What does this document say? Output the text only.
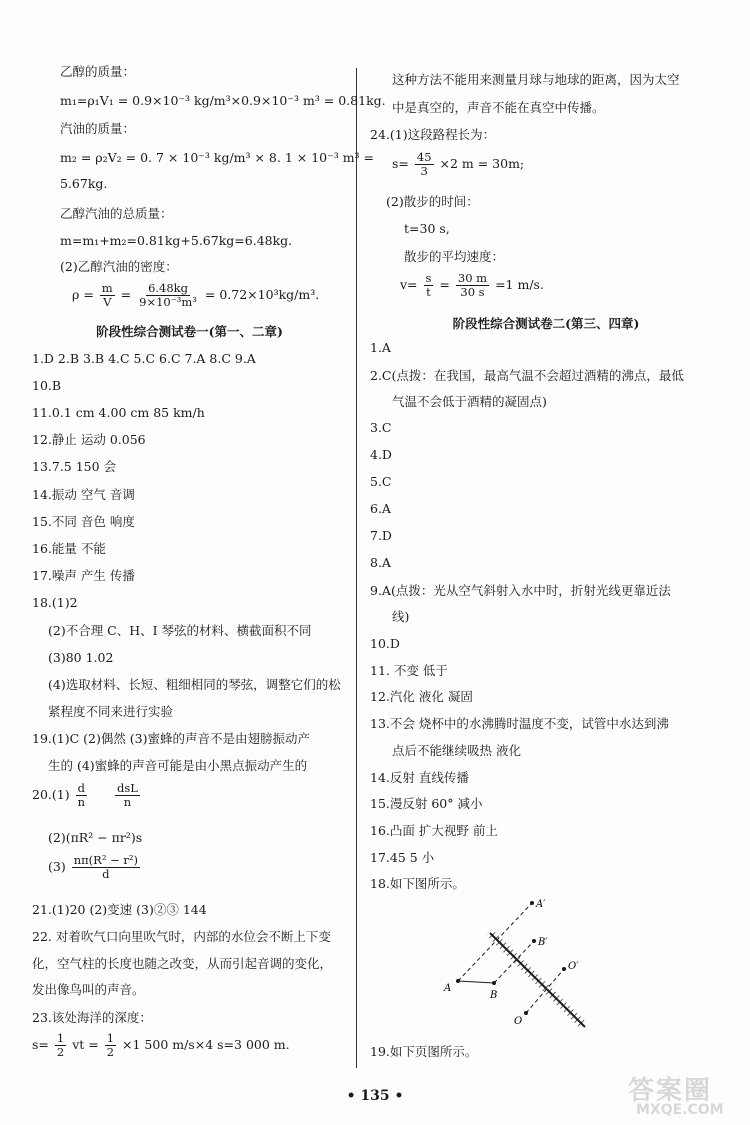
乙醇的质量：
m₁=ρ₁V₁ = 0.9×10⁻³ kg/m³×0.9×10⁻³ m³ = 0.81kg.
汽油的质量：
m₂ = ρ₂V₂ = 0. 7 × 10⁻³ kg/m³ × 8. 1 × 10⁻³ m³ =
5.67kg.
乙醇汽油的总质量：
m=m₁+m₂=0.81kg+5.67kg=6.48kg.
(2)乙醇汽油的密度：
$\rho = \frac{m}{V} = \frac{6.48kg}{\text{9×10⁻³m³}} = 0.72\times 10^3kg/m^3$.
阶段性综合测试卷一(第一、二章)
1.D 2.B 3.B 4.C 5.C 6.C 7.A 8.C 9.A
10.B
11.0.1 cm 4.00 cm 85 km/h
12.静止 运动 0.056
13.7.5 150 会
14.振动 空气 音调
15.不同 音色 响度
16.能量 不能
17.噪声 产生 传播
18.(1)2
(2)不合理 C、H、I 琴弦的材料、横截面积不同
(3)80 1.02
(4)选取材料、长短、粗细相同的琴弦，调整它们的松
紧程度不同来进行实验
19.(1)C (2)偶然 (3)蜜蜂的声音不是由翅膀振动产
生的 (4)蜜蜂的声音可能是由小黑点振动产生的
$20.(1) \frac{d}{n}$
$\frac{\text{dsL}}{n}$
(2)(πR² − πr²)s
$(3) \frac{\text{nπ(R² − r²)}}{d}$
21.(1)20 (2)变速 (3)②③ 144
22. 对着吹气口向里吹气时，内部的水位会不断上下变
化，空气柱的长度也随之改变，从而引起音调的变化，
发出像鸟叫的声音。
23.该处海洋的深度：
$s= \frac{1}{2}$ vt = $\frac{1}{2} \times 1$ 500 m/s×4 s=3 000 m.
这种方法不能用来测量月球与地球的距离，因为太空
中是真空的，声音不能在真空中传播。
24.(1)这段路程长为：
$s= \frac{45}{3} \times 2$ m = 30m;
(2)散步的时间：
t=30 s,
散步的平均速度：
$v= \frac{s}{t} = \frac{30 m}{30 s} =1$ m/s.
阶段性综合测试卷二(第三、四章)
1.A
2.C(点拨：在我国，最高气温不会超过酒精的沸点，最低
气温不会低于酒精的凝固点)
3.C
4.D
5.C
6.A
7.D
8.A
9.A(点拨：光从空气斜射入水中时，折射光线更靠近法
线)
10.D
11. 不变 低于
12.汽化 液化 凝固
13.不会 烧杯中的水沸腾时温度不变，试管中水达到沸
点后不能继续吸热 液化
14.反射 直线传播
15.漫反射 60° 减小
16.凸面 扩大视野 前上
17.45 5 小
18.如下图所示。
19.如下页图所示。
A
B
A′
B′
O
O′
• 135 •	答案圈
MXQE.COM
